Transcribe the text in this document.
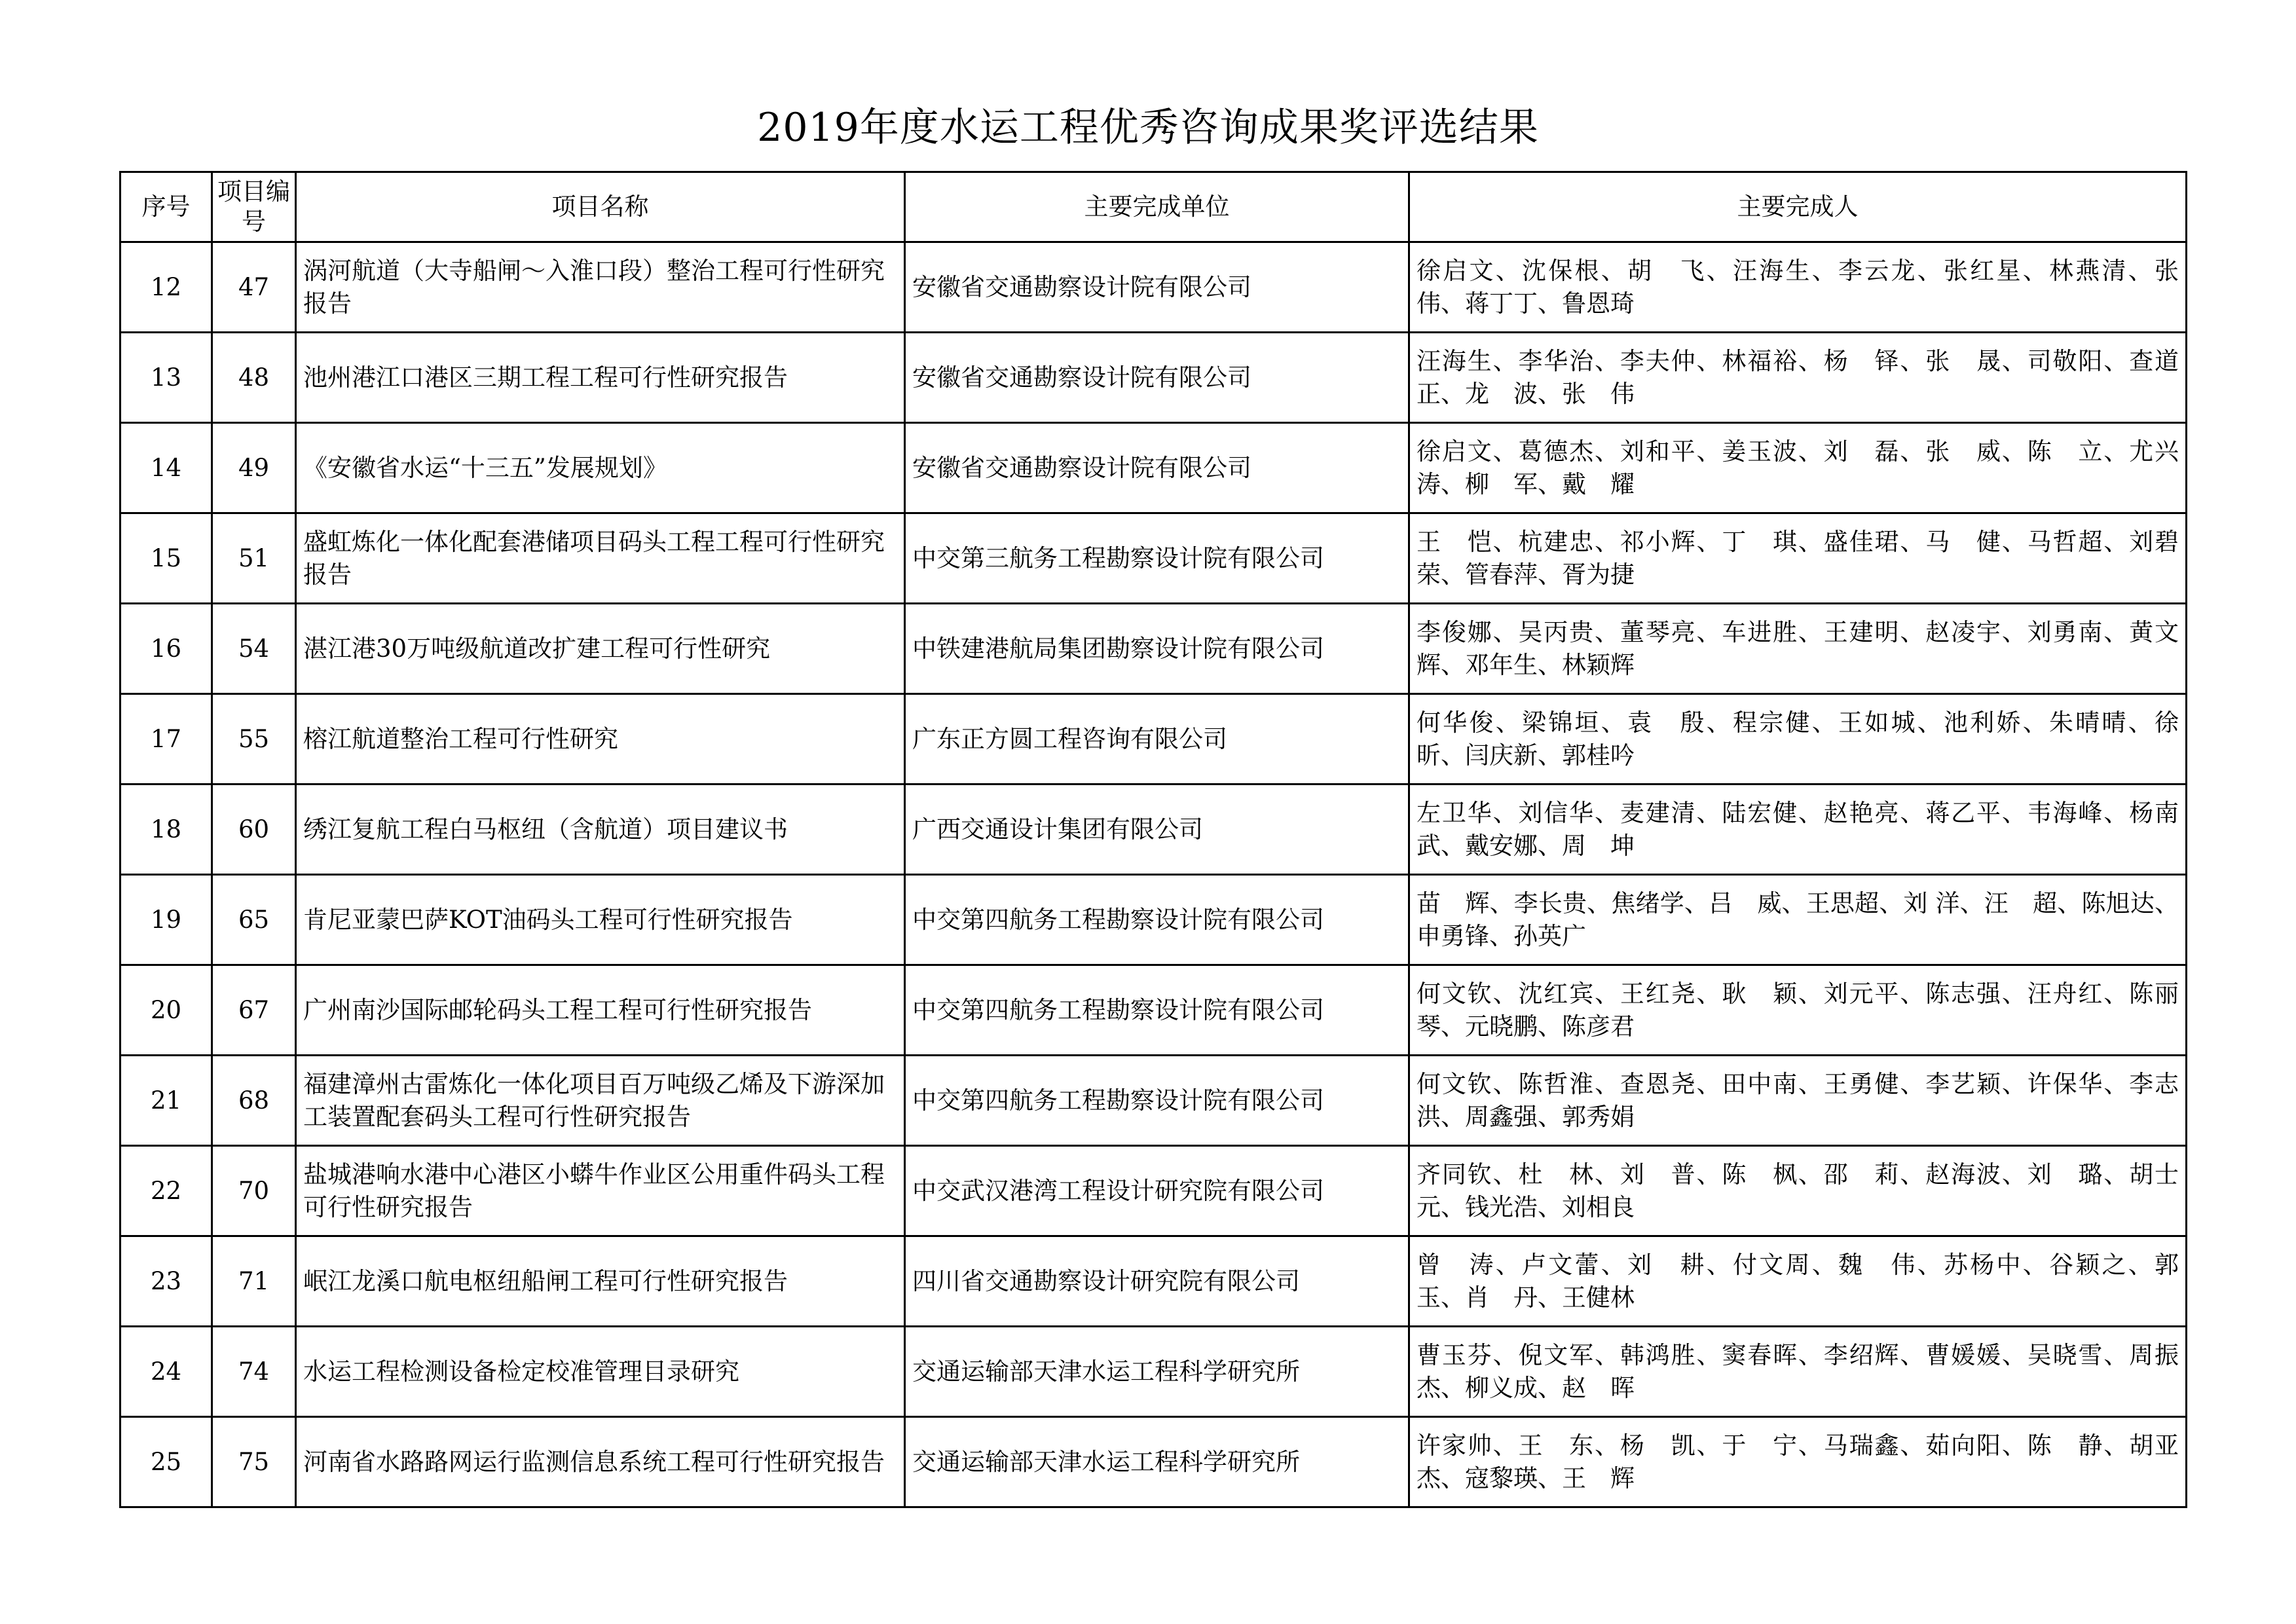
2019年度水运工程优秀咨询成果奖评选结果
序号	项目编号	项目名称	主要完成单位	主要完成人
12	47	涡河航道（大寺船闸～入淮口段）整治工程可行性研究报告	安徽省交通勘察设计院有限公司	徐启文、沈保根、胡　飞、汪海生、李云龙、张红星、林燕清、张　伟、蒋丁丁、鲁恩琦
13	48	池州港江口港区三期工程工程可行性研究报告	安徽省交通勘察设计院有限公司	汪海生、李华治、李夫仲、林福裕、杨　铎、张　晟、司敬阳、查道正、龙　波、张　伟
14	49	《安徽省水运“十三五”发展规划》	安徽省交通勘察设计院有限公司	徐启文、葛德杰、刘和平、姜玉波、刘　磊、张　威、陈　立、尤兴涛、柳　军、戴　耀
15	51	盛虹炼化一体化配套港储项目码头工程工程可行性研究报告	中交第三航务工程勘察设计院有限公司	王　恺、杭建忠、祁小辉、丁　琪、盛佳珺、马　健、马哲超、刘碧荣、管春萍、胥为捷
16	54	湛江港30万吨级航道改扩建工程可行性研究	中铁建港航局集团勘察设计院有限公司	李俊娜、吴丙贵、董琴亮、车进胜、王建明、赵凌宇、刘勇南、黄文辉、邓年生、林颖辉
17	55	榕江航道整治工程可行性研究	广东正方圆工程咨询有限公司	何华俊、梁锦垣、袁　殷、程宗健、王如城、池利娇、朱晴晴、徐　昕、闫庆新、郭桂吟
18	60	绣江复航工程白马枢纽（含航道）项目建议书	广西交通设计集团有限公司	左卫华、刘信华、麦建清、陆宏健、赵艳亮、蒋乙平、韦海峰、杨南武、戴安娜、周　坤
19	65	肯尼亚蒙巴萨KOT油码头工程可行性研究报告	中交第四航务工程勘察设计院有限公司	苗　辉、李长贵、焦绪学、吕　威、王思超、刘 洋、汪　超、陈旭达、申勇锋、孙英广
20	67	广州南沙国际邮轮码头工程工程可行性研究报告	中交第四航务工程勘察设计院有限公司	何文钦、沈红宾、王红尧、耿　颖、刘元平、陈志强、汪舟红、陈丽琴、元晓鹏、陈彦君
21	68	福建漳州古雷炼化一体化项目百万吨级乙烯及下游深加工装置配套码头工程可行性研究报告	中交第四航务工程勘察设计院有限公司	何文钦、陈哲淮、查恩尧、田中南、王勇健、李艺颖、许保华、李志洪、周鑫强、郭秀娟
22	70	盐城港响水港中心港区小蟒牛作业区公用重件码头工程可行性研究报告	中交武汉港湾工程设计研究院有限公司	齐同钦、杜　林、刘　普、陈　枫、邵　莉、赵海波、刘　璐、胡士元、钱光浩、刘相良
23	71	岷江龙溪口航电枢纽船闸工程可行性研究报告	四川省交通勘察设计研究院有限公司	曾　涛、卢文蕾、刘　耕、付文周、魏　伟、苏杨中、谷颖之、郭　玉、肖　丹、王健林
24	74	水运工程检测设备检定校准管理目录研究	交通运输部天津水运工程科学研究所	曹玉芬、倪文军、韩鸿胜、窦春晖、李绍辉、曹媛媛、吴晓雪、周振杰、柳义成、赵　晖
25	75	河南省水路路网运行监测信息系统工程可行性研究报告	交通运输部天津水运工程科学研究所	许家帅、王　东、杨　凯、于　宁、马瑞鑫、茹向阳、陈　静、胡亚杰、寇黎瑛、王　辉
